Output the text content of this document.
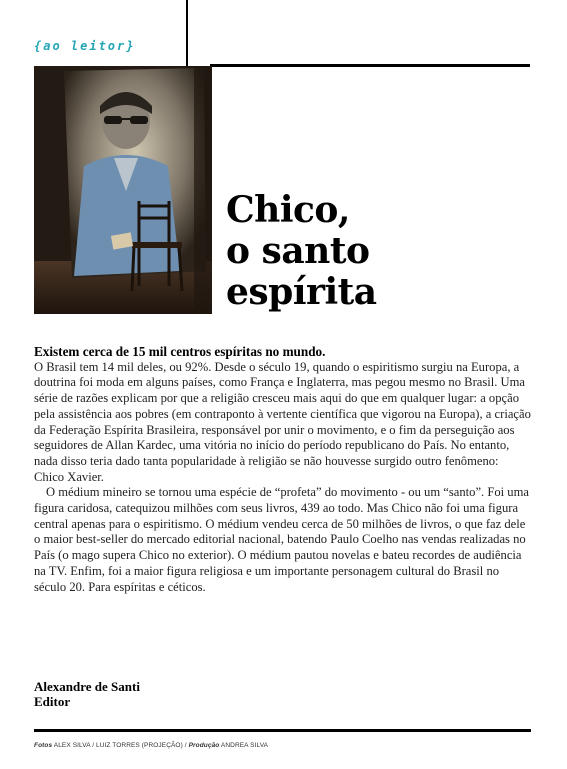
{ao leitor}
Chico,
o santo
espírita
Existem cerca de 15 mil centros espíritas no mundo.

O Brasil tem 14 mil deles, ou 92%. Desde o século 19, quando o espiritismo surgiu na Europa, a doutrina foi moda em alguns países, como França e Inglaterra, mas pegou mesmo no Brasil. Uma série de razões explicam por que a religião cresceu mais aqui do que em qualquer lugar: a opção pela assistência aos pobres (em contraponto à vertente científica que vigorou na Europa), a criação da Federação Espírita Brasileira, responsável por unir o movimento, e o fim da perseguição aos seguidores de Allan Kardec, uma vitória no início do período republicano do País. No entanto, nada disso teria dado tanta popularidade à religião se não houvesse surgido outro fenômeno: Chico Xavier.

O médium mineiro se tornou uma espécie de “profeta” do movimento - ou um “santo”. Foi uma figura caridosa, catequizou milhões com seus livros, 439 ao todo. Mas Chico não foi uma figura central apenas para o espiritismo. O médium vendeu cerca de 50 milhões de livros, o que faz dele o maior best-seller do mercado editorial nacional, batendo Paulo Coelho nas vendas realizadas no País (o mago supera Chico no exterior). O médium pautou novelas e bateu recordes de audiência na TV. Enfim, foi a maior figura religiosa e um importante personagem cultural do Brasil no século 20. Para espíritas e céticos.

Alexandre de Santi
Editor
Fotos ALEX SILVA / LUIZ TORRES (PROJEÇÃO) / Produção ANDREA SILVA
